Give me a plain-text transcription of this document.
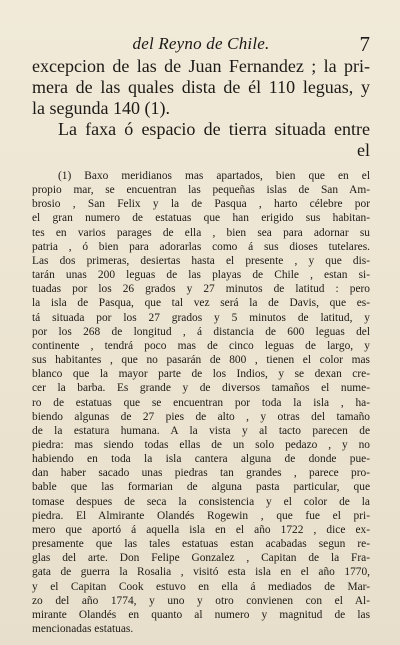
del Reyno de Chile.	7
excepcion de las de Juan Fernandez ; la pri-
mera de las quales dista de él 110 leguas, y
la segunda 140 (1).
La faxa ó espacio de tierra situada entre
el
(1) Baxo meridianos mas apartados, bien que en el
propio mar, se encuentran las pequeñas islas de San Am-
brosio , San Felix y la de Pasqua , harto célebre por
el gran numero de estatuas que han erigido sus habitan-
tes en varios parages de ella , bien sea para adornar su
patria , ó bien para adorarlas como á sus dioses tutelares.
Las dos primeras, desiertas hasta el presente , y que dis-
tarán unas 200 leguas de las playas de Chile , estan si-
tuadas por los 26 grados y 27 minutos de latitud : pero
la isla de Pasqua, que tal vez será la de Davis, que es-
tá situada por los 27 grados y 5 minutos de latitud, y
por los 268 de longitud , á distancia de 600 leguas del
continente , tendrá poco mas de cinco leguas de largo, y
sus habitantes , que no pasarán de 800 , tienen el color mas
blanco que la mayor parte de los Indios, y se dexan cre-
cer la barba. Es grande y de diversos tamaños el nume-
ro de estatuas que se encuentran por toda la isla , ha-
biendo algunas de 27 pies de alto , y otras del tamaño
de la estatura humana. A la vista y al tacto parecen de
piedra: mas siendo todas ellas de un solo pedazo , y no
habiendo en toda la isla cantera alguna de donde pue-
dan haber sacado unas piedras tan grandes , parece pro-
bable que las formarian de alguna pasta particular, que
tomase despues de seca la consistencia y el color de la
piedra. El Almirante Olandés Rogewin , que fue el pri-
mero que aportó á aquella isla en el año 1722 , dice ex-
presamente que las tales estatuas estan acabadas segun re-
glas del arte. Don Felipe Gonzalez , Capitan de la Fra-
gata de guerra la Rosalia , visitó esta isla en el año 1770,
y el Capitan Cook estuvo en ella á mediados de Mar-
zo del año 1774, y uno y otro convienen con el Al-
mirante Olandés en quanto al numero y magnitud de las
mencionadas estatuas.
